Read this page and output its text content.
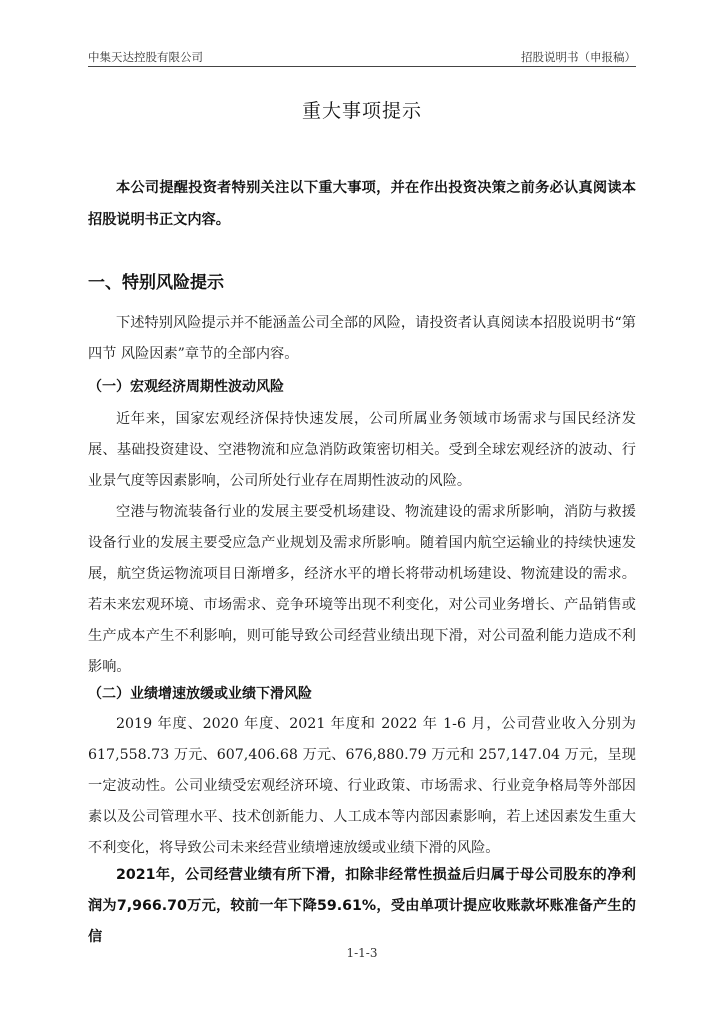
中集天达控股有限公司	招股说明书（申报稿）
重大事项提示

本公司提醒投资者特别关注以下重大事项，并在作出投资决策之前务必认真阅读本招股说明书正文内容。

一、特别风险提示

下述特别风险提示并不能涵盖公司全部的风险，请投资者认真阅读本招股说明书“第四节 风险因素”章节的全部内容。

（一）宏观经济周期性波动风险

近年来，国家宏观经济保持快速发展，公司所属业务领域市场需求与国民经济发展、基础投资建设、空港物流和应急消防政策密切相关。受到全球宏观经济的波动、行业景气度等因素影响，公司所处行业存在周期性波动的风险。

空港与物流装备行业的发展主要受机场建设、物流建设的需求所影响，消防与救援设备行业的发展主要受应急产业规划及需求所影响。随着国内航空运输业的持续快速发展，航空货运物流项目日渐增多，经济水平的增长将带动机场建设、物流建设的需求。若未来宏观环境、市场需求、竞争环境等出现不利变化，对公司业务增长、产品销售或生产成本产生不利影响，则可能导致公司经营业绩出现下滑，对公司盈利能力造成不利影响。

（二）业绩增速放缓或业绩下滑风险

2019 年度、2020 年度、2021 年度和 2022 年 1-6 月，公司营业收入分别为617,558.73 万元、607,406.68 万元、676,880.79 万元和 257,147.04 万元，呈现一定波动性。公司业绩受宏观经济环境、行业政策、市场需求、行业竞争格局等外部因素以及公司管理水平、技术创新能力、人工成本等内部因素影响，若上述因素发生重大不利变化，将导致公司未来经营业绩增速放缓或业绩下滑的风险。

2021年，公司经营业绩有所下滑，扣除非经常性损益后归属于母公司股东的净利润为7,966.70万元，较前一年下降59.61%，受由单项计提应收账款坏账准备产生的信

1-1-3
